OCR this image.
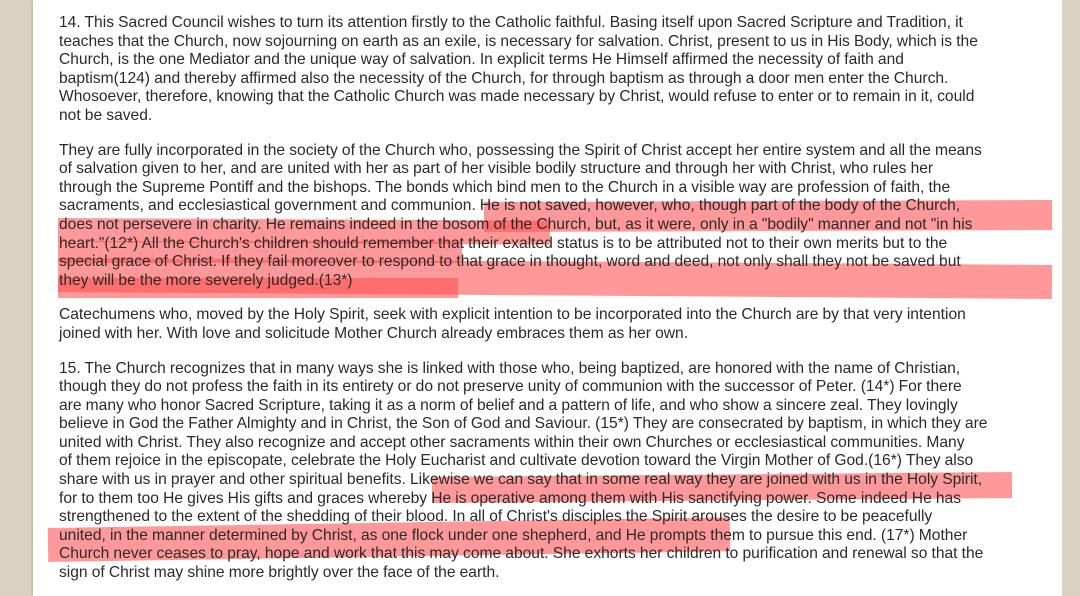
14. This Sacred Council wishes to turn its attention firstly to the Catholic faithful. Basing itself upon Sacred Scripture and Tradition, it
teaches that the Church, now sojourning on earth as an exile, is necessary for salvation. Christ, present to us in His Body, which is the
Church, is the one Mediator and the unique way of salvation. In explicit terms He Himself affirmed the necessity of faith and
baptism(124) and thereby affirmed also the necessity of the Church, for through baptism as through a door men enter the Church.
Whosoever, therefore, knowing that the Catholic Church was made necessary by Christ, would refuse to enter or to remain in it, could
not be saved.

They are fully incorporated in the society of the Church who, possessing the Spirit of Christ accept her entire system and all the means
of salvation given to her, and are united with her as part of her visible bodily structure and through her with Christ, who rules her
through the Supreme Pontiff and the bishops. The bonds which bind men to the Church in a visible way are profession of faith, the
sacraments, and ecclesiastical government and communion. He is not saved, however, who, though part of the body of the Church,
does not persevere in charity. He remains indeed in the bosom of the Church, but, as it were, only in a "bodily" manner and not "in his
heart."(12*) All the Church's children should remember that their exalted status is to be attributed not to their own merits but to the
special grace of Christ. If they fail moreover to respond to that grace in thought, word and deed, not only shall they not be saved but
they will be the more severely judged.(13*)

Catechumens who, moved by the Holy Spirit, seek with explicit intention to be incorporated into the Church are by that very intention
joined with her. With love and solicitude Mother Church already embraces them as her own.

15. The Church recognizes that in many ways she is linked with those who, being baptized, are honored with the name of Christian,
though they do not profess the faith in its entirety or do not preserve unity of communion with the successor of Peter. (14*) For there
are many who honor Sacred Scripture, taking it as a norm of belief and a pattern of life, and who show a sincere zeal. They lovingly
believe in God the Father Almighty and in Christ, the Son of God and Saviour. (15*) They are consecrated by baptism, in which they are
united with Christ. They also recognize and accept other sacraments within their own Churches or ecclesiastical communities. Many
of them rejoice in the episcopate, celebrate the Holy Eucharist and cultivate devotion toward the Virgin Mother of God.(16*) They also
share with us in prayer and other spiritual benefits. Likewise we can say that in some real way they are joined with us in the Holy Spirit,
for to them too He gives His gifts and graces whereby He is operative among them with His sanctifying power. Some indeed He has
strengthened to the extent of the shedding of their blood. In all of Christ's disciples the Spirit arouses the desire to be peacefully
united, in the manner determined by Christ, as one flock under one shepherd, and He prompts them to pursue this end. (17*) Mother
Church never ceases to pray, hope and work that this may come about. She exhorts her children to purification and renewal so that the
sign of Christ may shine more brightly over the face of the earth.
